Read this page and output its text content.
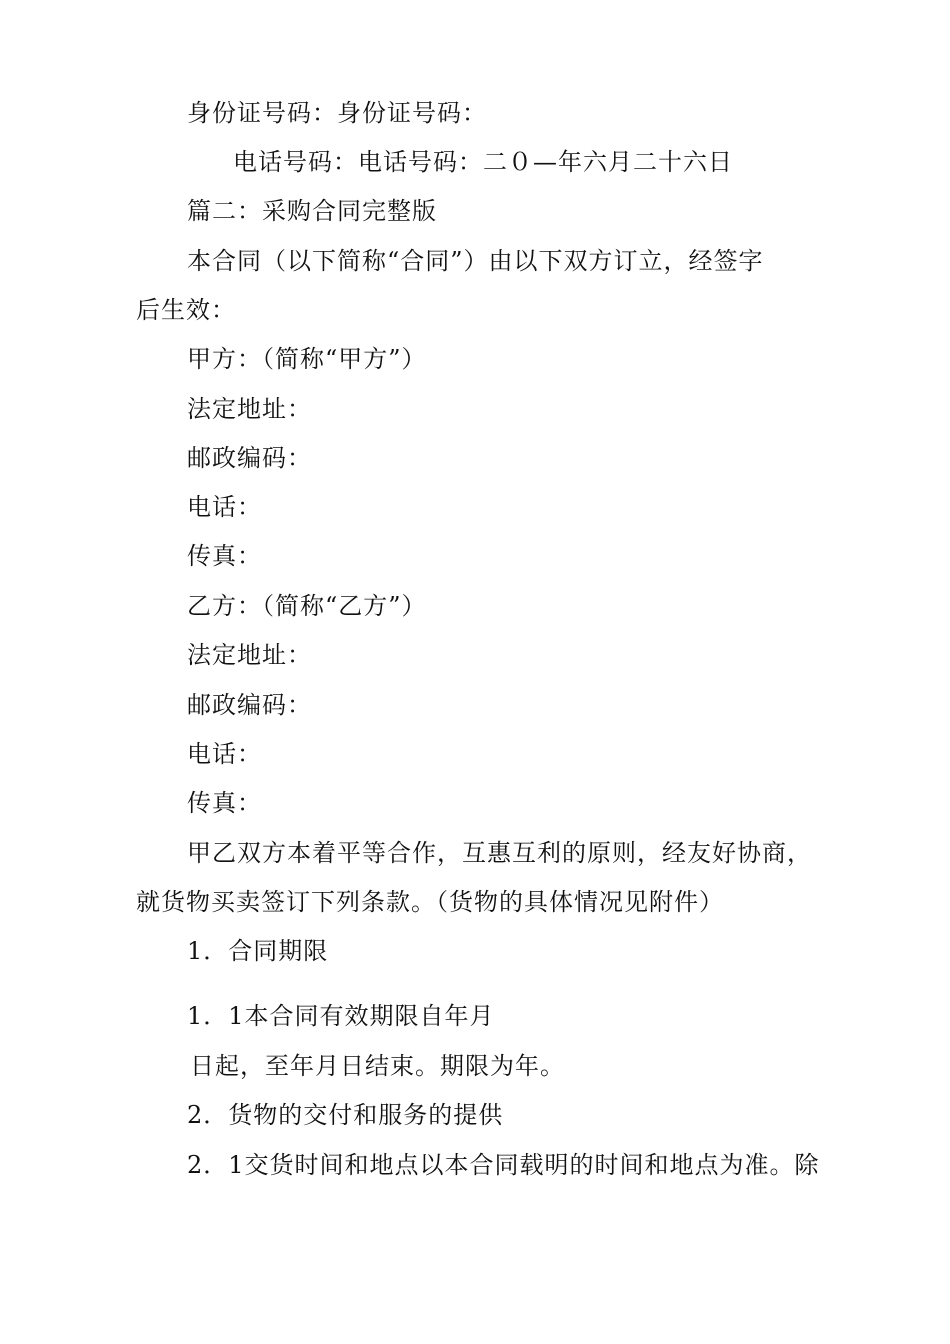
身份证号码：身份证号码：
电话号码：电话号码：二０—年六月二十六日
篇二：采购合同完整版
本合同（以下简称“合同”）由以下双方订立，经签字
后生效：
甲方：（简称“甲方”）
法定地址：
邮政编码：
电话：
传真：
乙方：（简称“乙方”）
法定地址：
邮政编码：
电话：
传真：
甲乙双方本着平等合作，互惠互利的原则，经友好协商，
就货物买卖签订下列条款。（货物的具体情况见附件）
1．合同期限
1．1本合同有效期限自年月
日起，至年月日结束。期限为年。
2．货物的交付和服务的提供
2．1交货时间和地点以本合同载明的时间和地点为准。除
